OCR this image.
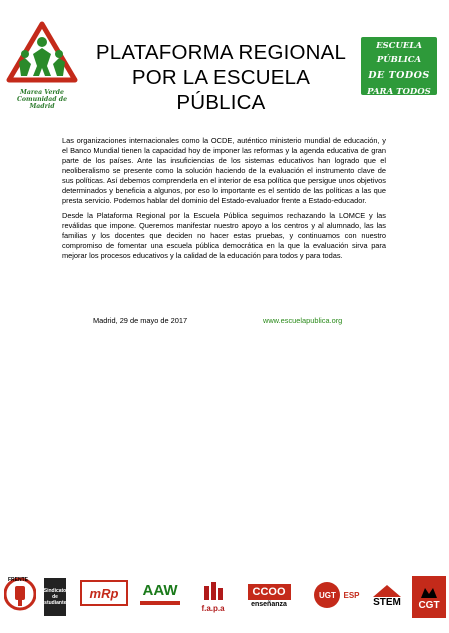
Marea Verde
Comunidad de Madrid
PLATAFORMA REGIONAL
POR LA ESCUELA PÚBLICA
ESCUELA PÚBLICA
DE TODOS
PARA TODOS

Las organizaciones internacionales como la OCDE, auténtico ministerio mundial de educación, y el Banco Mundial tienen la capacidad hoy de imponer las reformas y la agenda educativa de gran parte de los países. Ante las insuficiencias de los sistemas educativos han logrado que el neoliberalismo se presente como la solución haciendo de la evaluación el instrumento clave de sus políticas. Así debemos comprenderla en el interior de esa política que persigue unos objetivos determinados y beneficia a algunos, por eso lo importante es el sentido de las políticas a las que presta servicio. Podemos hablar del dominio del Estado-evaluador frente a Estado-educador.

Desde la Plataforma Regional por la Escuela Pública seguimos rechazando la LOMCE y las reválidas que impone. Queremos manifestar nuestro apoyo a los centros y al alumnado, las las familias y los docentes que deciden no hacer estas pruebas, y continuamos con nuestro compromiso de fomentar una escuela pública democrática en la que la evaluación sirva para mejorar los procesos educativos y la calidad de la educación para todos y para todas.

Madrid, 29 de mayo de 2017	www.escuelapublica.org
FRENTE
Sindicato de Estudiantes
mRp AAW
f.a.p.a
CCOO
enseñanza
UGT ESP
STEM CGT
